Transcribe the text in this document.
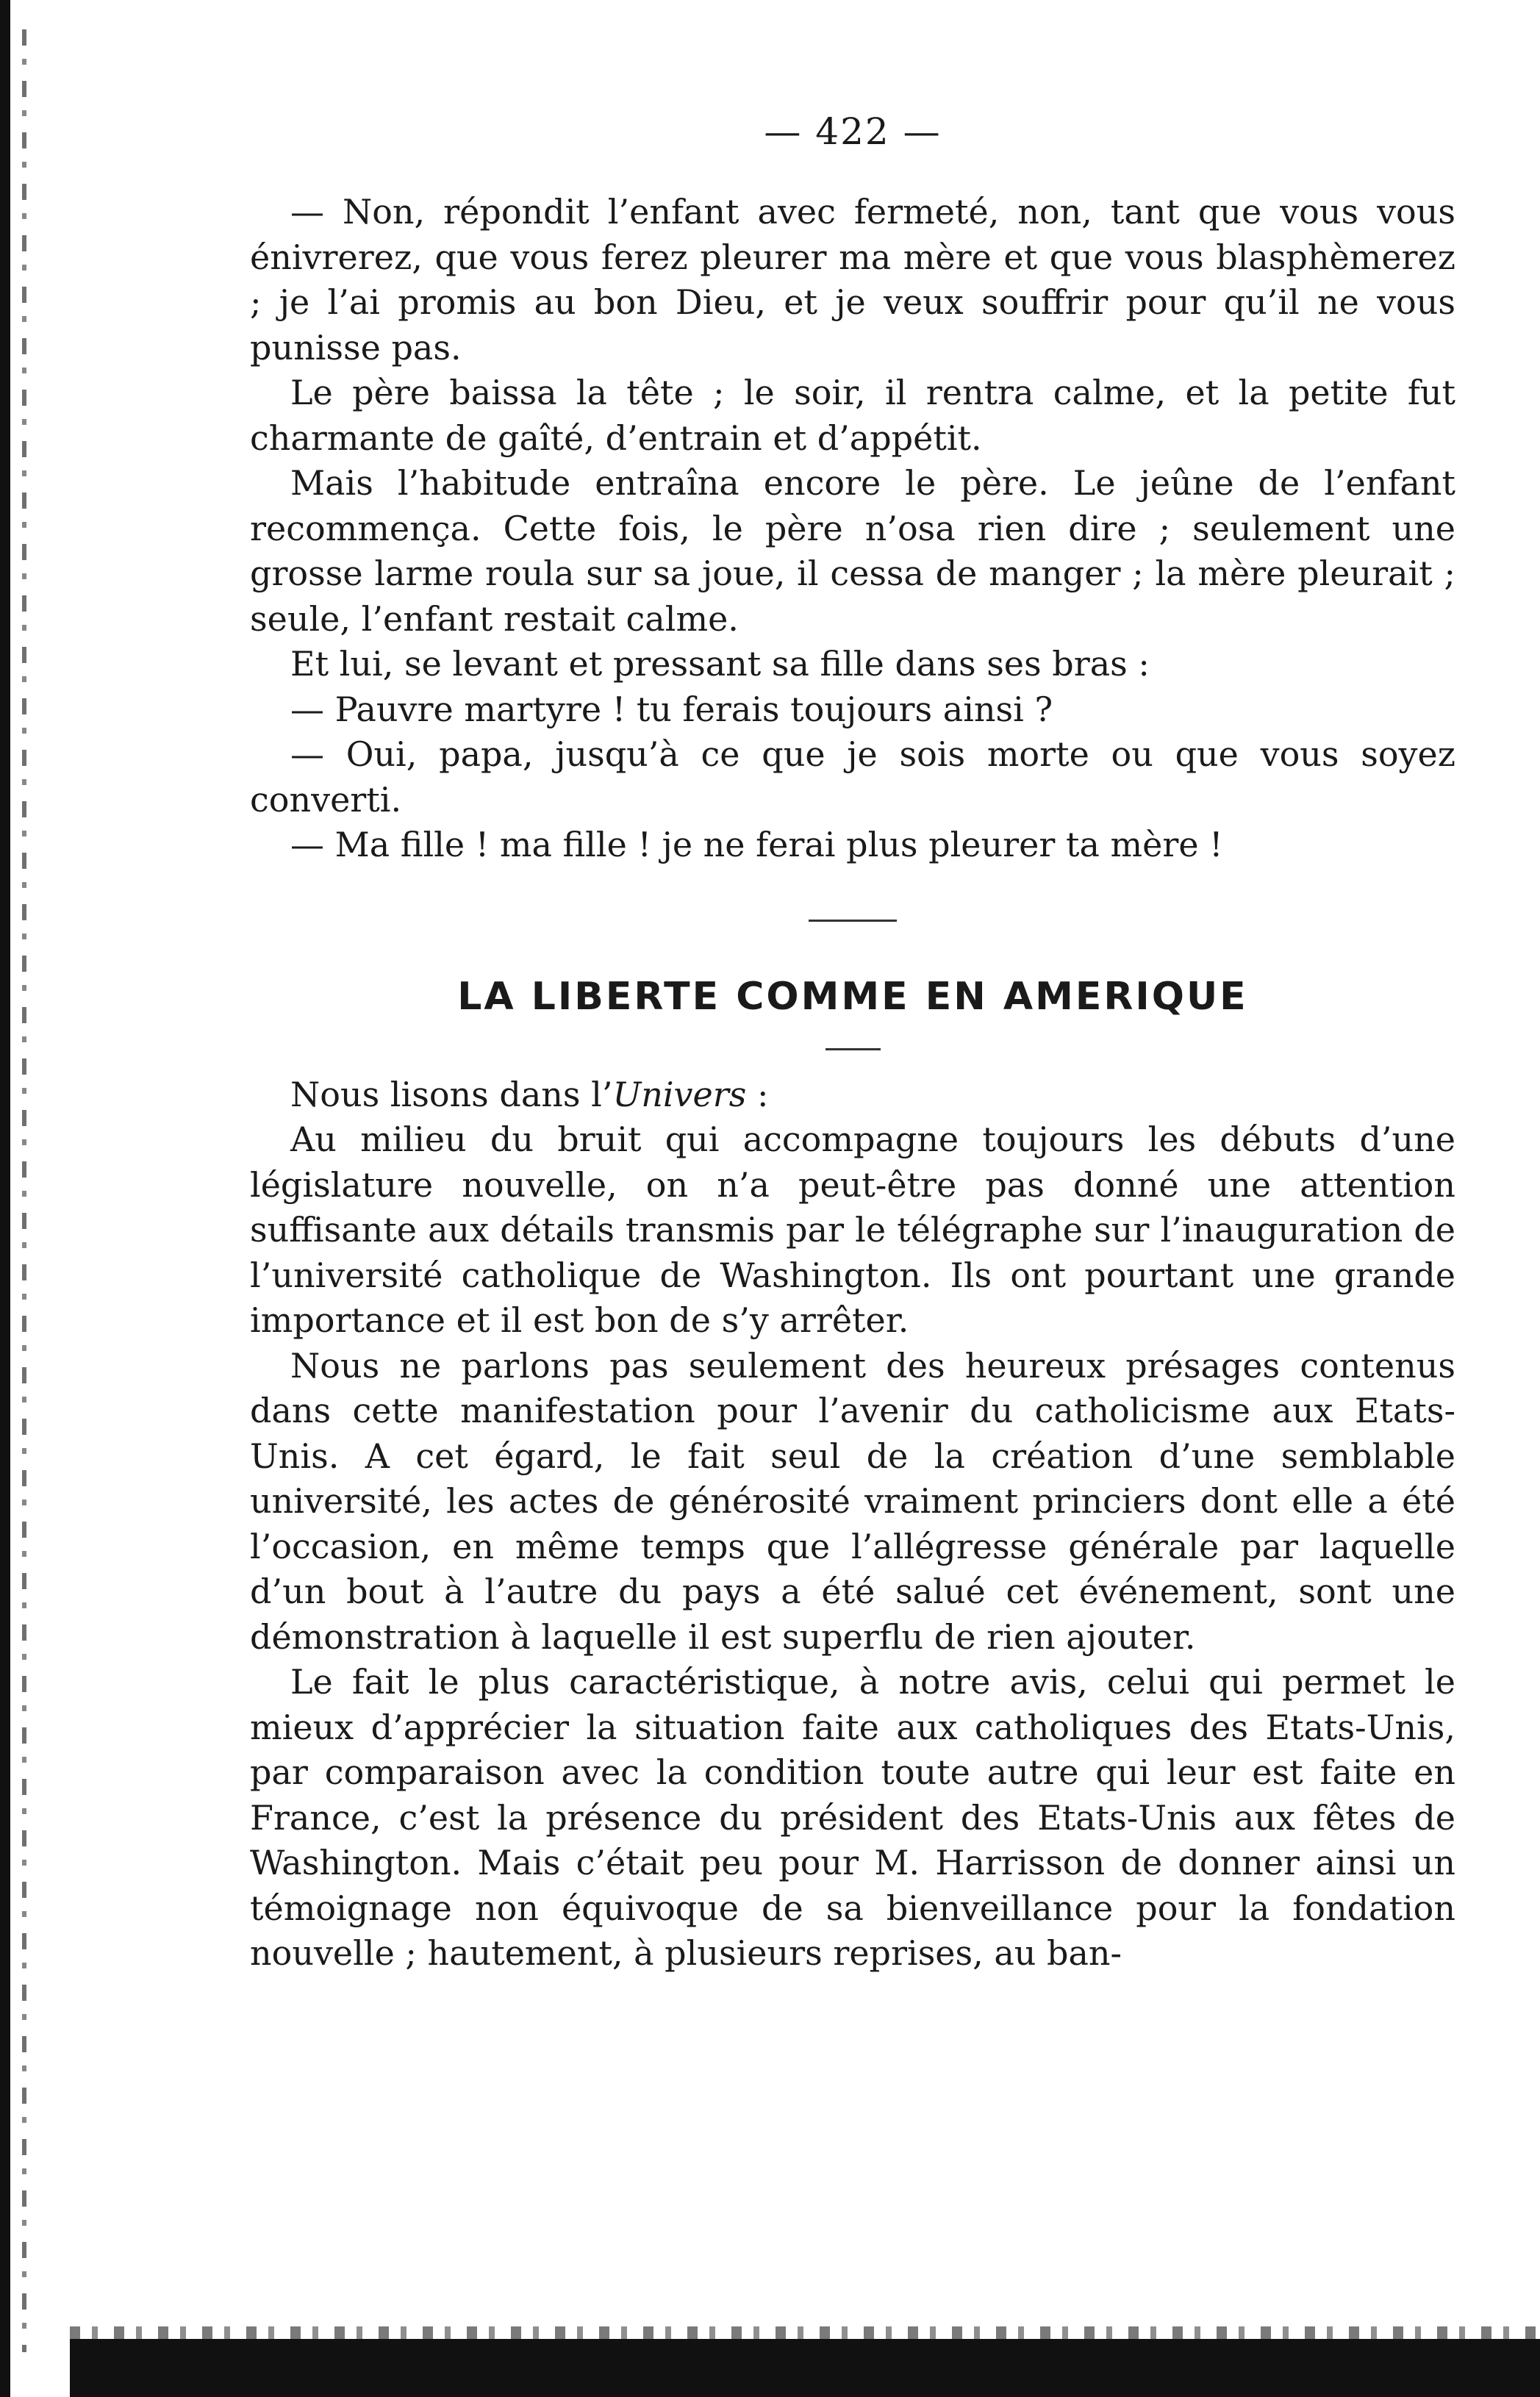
— 422 —

— Non, répondit l’enfant avec fermeté, non, tant que vous vous énivrerez, que vous ferez pleurer ma mère et que vous blasphèmerez ; je l’ai promis au bon Dieu, et je veux souffrir pour qu’il ne vous punisse pas.

Le père baissa la tête ; le soir, il rentra calme, et la petite fut charmante de gaîté, d’entrain et d’appétit.

Mais l’habitude entraîna encore le père. Le jeûne de l’enfant recommença. Cette fois, le père n’osa rien dire ; seulement une grosse larme roula sur sa joue, il cessa de manger ; la mère pleurait ; seule, l’enfant restait calme.

Et lui, se levant et pressant sa fille dans ses bras :

— Pauvre martyre ! tu ferais toujours ainsi ?

— Oui, papa, jusqu’à ce que je sois morte ou que vous soyez converti.

— Ma fille ! ma fille ! je ne ferai plus pleurer ta mère !

LA LIBERTE COMME EN AMERIQUE

Nous lisons dans l’Univers :

Au milieu du bruit qui accompagne toujours les débuts d’une législature nouvelle, on n’a peut-être pas donné une attention suffisante aux détails transmis par le télégraphe sur l’inauguration de l’université catholique de Washington. Ils ont pourtant une grande importance et il est bon de s’y arrêter.

Nous ne parlons pas seulement des heureux présages contenus dans cette manifestation pour l’avenir du catholicisme aux Etats-Unis. A cet égard, le fait seul de la création d’une semblable université, les actes de générosité vraiment princiers dont elle a été l’occasion, en même temps que l’allégresse générale par laquelle d’un bout à l’autre du pays a été salué cet événement, sont une démonstration à laquelle il est superflu de rien ajouter.

Le fait le plus caractéristique, à notre avis, celui qui permet le mieux d’apprécier la situation faite aux catholiques des Etats-Unis, par comparaison avec la condition toute autre qui leur est faite en France, c’est la présence du président des Etats-Unis aux fêtes de Washington. Mais c’était peu pour M. Harrisson de donner ainsi un témoignage non équivoque de sa bienveillance pour la fondation nouvelle ; hautement, à plusieurs reprises, au ban-
